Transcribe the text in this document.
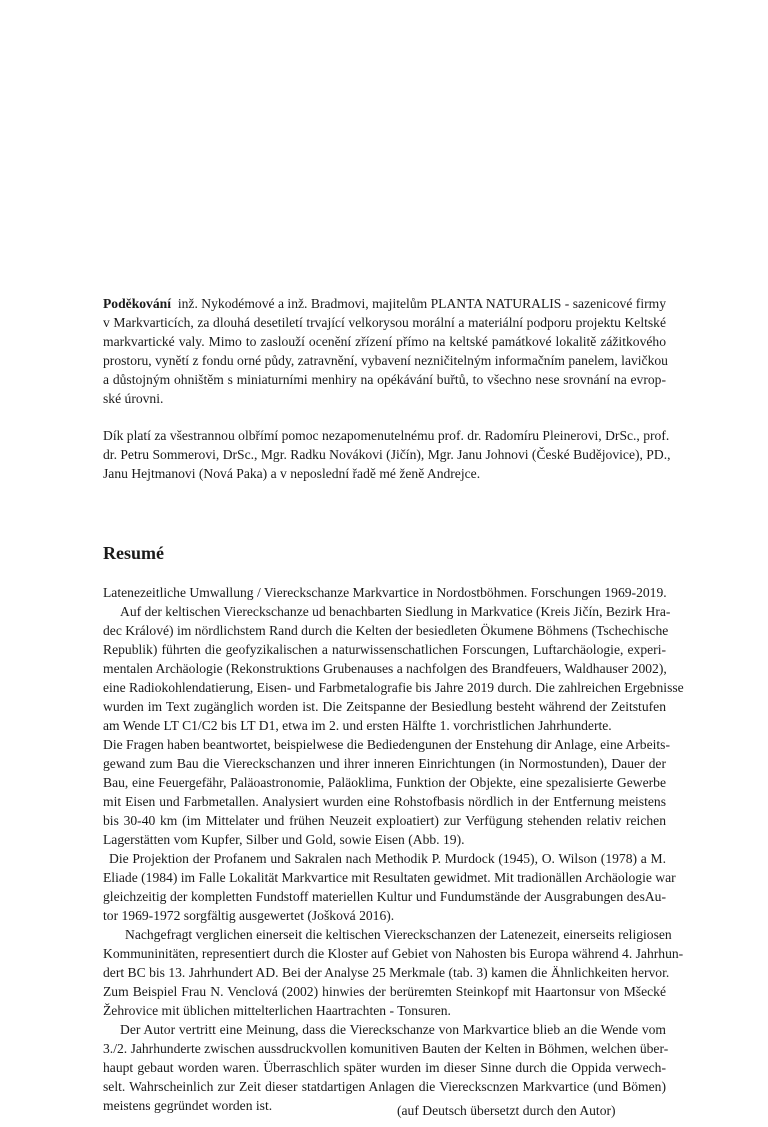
Poděkování inž. Nykodémové a inž. Bradmovi, majitelům PLANTA NATURALIS - sazenicové firmy
v Markvarticích, za dlouhá desetiletí trvající velkorysou morální a materiální podporu projektu Keltské
markvartické valy. Mimo to zaslouží ocenění zřízení přímo na keltské památkové lokalitě zážitkového
prostoru, vynětí z fondu orné půdy, zatravnění, vybavení nezničitelným informačním panelem, lavičkou
a důstojným ohništěm s miniaturními menhiry na opékávání buřtů, to všechno nese srovnání na evrop-
ské úrovni.
Dík platí za všestrannou olbřímí pomoc nezapomenutelnému prof. dr. Radomíru Pleinerovi, DrSc., prof.
dr. Petru Sommerovi, DrSc., Mgr. Radku Novákovi (Jičín), Mgr. Janu Johnovi (České Budějovice), PD.,
Janu Hejtmanovi (Nová Paka) a v neposlední řadě mé ženě Andrejce.
Resumé
Latenezeitliche Umwallung / Viereckschanze Markvartice in Nordostböhmen. Forschungen 1969-2019.
Auf der keltischen Viereckschanze ud benachbarten Siedlung in Markvatice (Kreis Jičín, Bezirk Hra-
dec Králové) im nördlichstem Rand durch die Kelten der besiedleten Ökumene Böhmens (Tschechische
Republik) führten die geofyzikalischen a naturwissenschatlichen Forscungen, Luftarchäologie, experi-
mentalen Archäologie (Rekonstruktions Grubenauses a nachfolgen des Brandfeuers, Waldhauser 2002),
eine Radiokohlendatierung, Eisen- und Farbmetalografie bis Jahre 2019 durch. Die zahlreichen Ergebnisse
wurden im Text zugänglich worden ist. Die Zeitspanne der Besiedlung besteht während der Zeitstufen
am Wende LT C1/C2 bis LT D1, etwa im 2. und ersten Hälfte 1. vorchristlichen Jahrhunderte.
Die Fragen haben beantwortet, beispielwese die Bediedengunen der Enstehung dir Anlage, eine Arbeits-
gewand zum Bau die Viereckschanzen und ihrer inneren Einrichtungen (in Normostunden), Dauer der
Bau, eine Feuergefähr, Paläoastronomie, Paläoklima, Funktion der Objekte, eine spezalisierte Gewerbe
mit Eisen und Farbmetallen. Analysiert wurden eine Rohstofbasis nördlich in der Entfernung meistens
bis 30-40 km (im Mittelater und frühen Neuzeit exploatiert) zur Verfügung stehenden relativ reichen
Lagerstätten vom Kupfer, Silber und Gold, sowie Eisen (Abb. 19).
Die Projektion der Profanem und Sakralen nach Methodik P. Murdock (1945), O. Wilson (1978) a M.
Eliade (1984) im Falle Lokalität Markvartice mit Resultaten gewidmet. Mit tradionällen Archäologie war
gleichzeitig der kompletten Fundstoff materiellen Kultur und Fundumstände der Ausgrabungen desAu-
tor 1969-1972 sorgfältig ausgewertet (Jošková 2016).
Nachgefragt verglichen einerseit die keltischen Viereckschanzen der Latenezeit, einerseits religiosen
Kommuninitäten, representiert durch die Kloster auf Gebiet von Nahosten bis Europa während 4. Jahrhun-
dert BC bis 13. Jahrhundert AD. Bei der Analyse 25 Merkmale (tab. 3) kamen die Ähnlichkeiten hervor.
Zum Beispiel Frau N. Venclová (2002) hinwies der berüremten Steinkopf mit Haartonsur von Mšecké
Žehrovice mit üblichen mittelterlichen Haartrachten - Tonsuren.
Der Autor vertritt eine Meinung, dass die Viereckschanze von Markvartice blieb an die Wende vom
3./2. Jahrhunderte zwischen aussdruckvollen komunitiven Bauten der Kelten in Böhmen, welchen über-
haupt gebaut worden waren. Überraschlich später wurden im dieser Sinne durch die Oppida verwech-
selt. Wahrscheinlich zur Zeit dieser statdartigen Anlagen die Viereckscnzen Markvartice (und Bömen)
meistens gegründet worden ist.	(auf Deutsch übersetzt durch den Autor)
